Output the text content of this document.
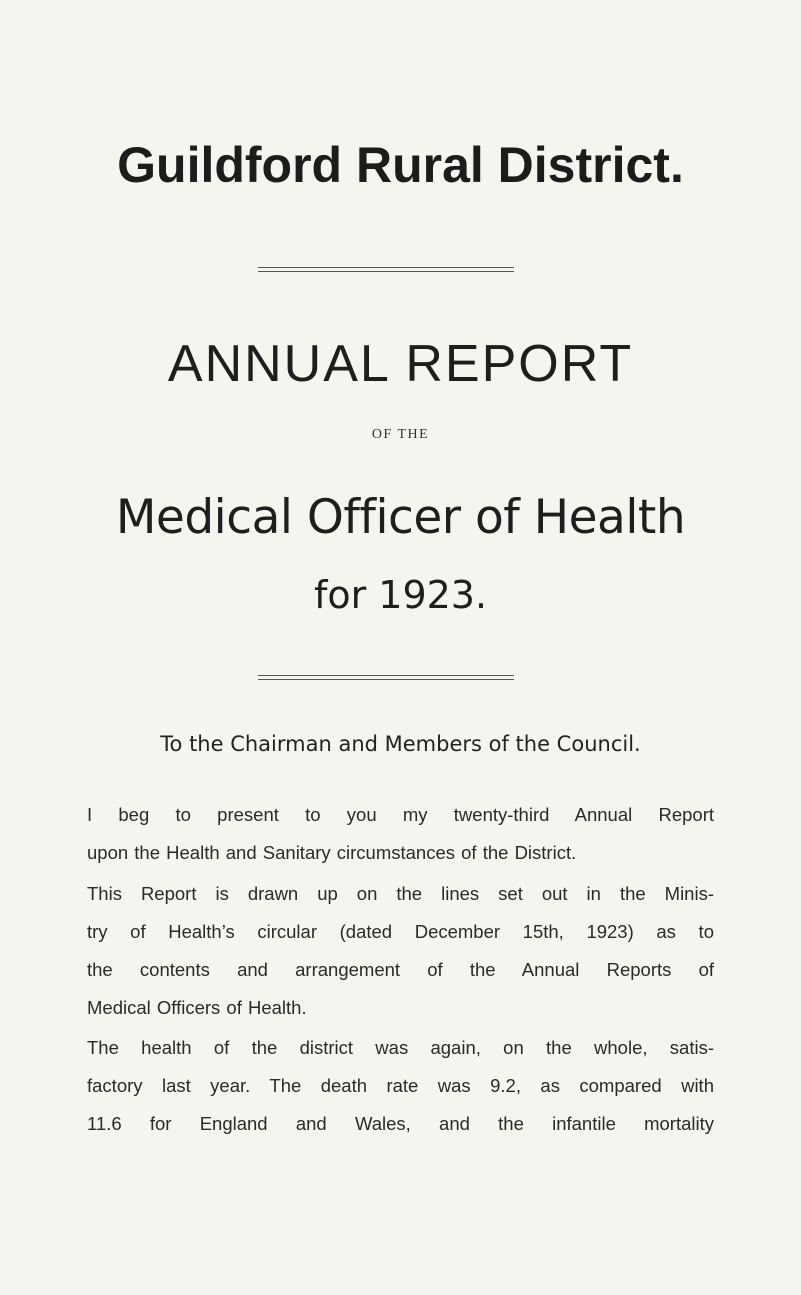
Guildford Rural District.
ANNUAL REPORT
OF THE
Medical Officer of Health
for 1923.
To the Chairman and Members of the Council.
I beg to present to you my twenty-third Annual Report
upon the Health and Sanitary circumstances of the District.
This Report is drawn up on the lines set out in the Minis-
try of Health’s circular (dated December 15th, 1923) as to
the contents and arrangement of the Annual Reports of
Medical Officers of Health.
The health of the district was again, on the whole, satis-
factory last year. The death rate was 9.2, as compared with
11.6 for England and Wales, and the infantile mortality
